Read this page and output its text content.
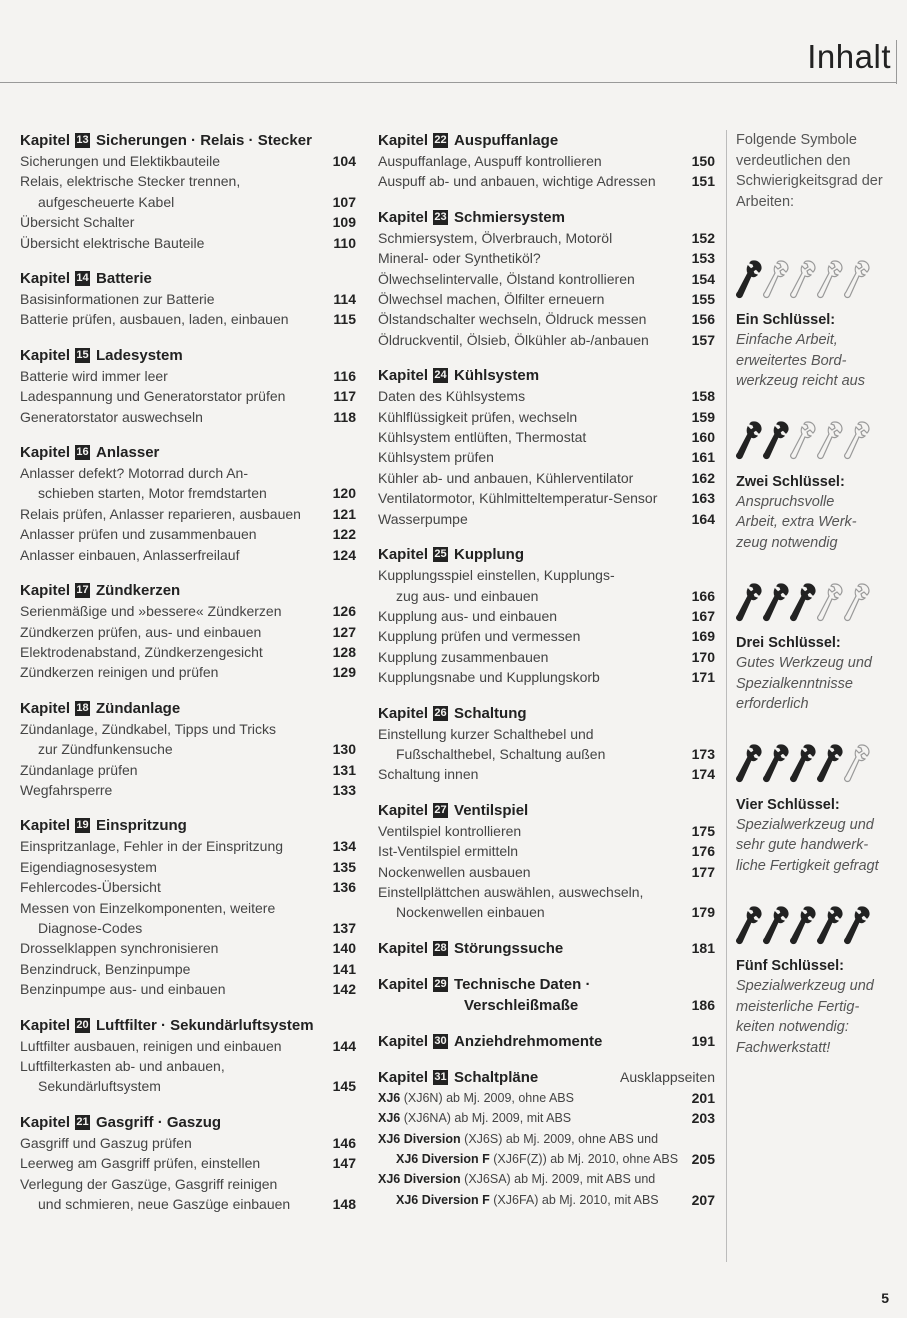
Inhalt
Kapitel 13 Sicherungen · Relais · Stecker
Sicherungen und Elektikbauteile	104
Relais, elektrische Stecker trennen,
aufgescheuerte Kabel	107
Übersicht Schalter	109
Übersicht elektrische Bauteile	110
Kapitel 14 Batterie
Basisinformationen zur Batterie	114
Batterie prüfen, ausbauen, laden, einbauen	115
Kapitel 15 Ladesystem
Batterie wird immer leer	116
Ladespannung und Generatorstator prüfen	117
Generatorstator auswechseln	118
Kapitel 16 Anlasser
Anlasser defekt? Motorrad durch An-
schieben starten, Motor fremdstarten	120
Relais prüfen, Anlasser reparieren, ausbauen	121
Anlasser prüfen und zusammenbauen	122
Anlasser einbauen, Anlasserfreilauf	124
Kapitel 17 Zündkerzen
Serienmäßige und »bessere« Zündkerzen	126
Zündkerzen prüfen, aus- und einbauen	127
Elektrodenabstand, Zündkerzengesicht	128
Zündkerzen reinigen und prüfen	129
Kapitel 18 Zündanlage
Zündanlage, Zündkabel, Tipps und Tricks
zur Zündfunkensuche	130
Zündanlage prüfen	131
Wegfahrsperre	133
Kapitel 19 Einspritzung
Einspritzanlage, Fehler in der Einspritzung	134
Eigendiagnosesystem	135
Fehlercodes-Übersicht	136
Messen von Einzelkomponenten, weitere
Diagnose-Codes	137
Drosselklappen synchronisieren	140
Benzindruck, Benzinpumpe	141
Benzinpumpe aus- und einbauen	142
Kapitel 20 Luftfilter · Sekundärluftsystem
Luftfilter ausbauen, reinigen und einbauen	144
Luftfilterkasten ab- und anbauen,
Sekundärluftsystem	145
Kapitel 21 Gasgriff · Gaszug
Gasgriff und Gaszug prüfen	146
Leerweg am Gasgriff prüfen, einstellen	147
Verlegung der Gaszüge, Gasgriff reinigen
und schmieren, neue Gaszüge einbauen	148
Kapitel 22 Auspuffanlage
Auspuffanlage, Auspuff kontrollieren	150
Auspuff ab- und anbauen, wichtige Adressen	151
Kapitel 23 Schmiersystem
Schmiersystem, Ölverbrauch, Motoröl	152
Mineral- oder Synthetiköl?	153
Ölwechselintervalle, Ölstand kontrollieren	154
Ölwechsel machen, Ölfilter erneuern	155
Ölstandschalter wechseln, Öldruck messen	156
Öldruckventil, Ölsieb, Ölkühler ab-/anbauen	157
Kapitel 24 Kühlsystem
Daten des Kühlsystems	158
Kühlflüssigkeit prüfen, wechseln	159
Kühlsystem entlüften, Thermostat	160
Kühlsystem prüfen	161
Kühler ab- und anbauen, Kühlerventilator	162
Ventilatormotor, Kühlmitteltemperatur-Sensor	163
Wasserpumpe	164
Kapitel 25 Kupplung
Kupplungsspiel einstellen, Kupplungs-
zug aus- und einbauen	166
Kupplung aus- und einbauen	167
Kupplung prüfen und vermessen	169
Kupplung zusammenbauen	170
Kupplungsnabe und Kupplungskorb	171
Kapitel 26 Schaltung
Einstellung kurzer Schalthebel und
Fußschalthebel, Schaltung außen	173
Schaltung innen	174
Kapitel 27 Ventilspiel
Ventilspiel kontrollieren	175
Ist-Ventilspiel ermitteln	176
Nockenwellen ausbauen	177
Einstellplättchen auswählen, auswechseln,
Nockenwellen einbauen	179
Kapitel 28 Störungssuche	181
Kapitel 29 Technische Daten ·
Verschleißmaße	186
Kapitel 30 Anziehdrehmomente	191
Kapitel 31 Schaltpläne	Ausklappseiten
XJ6 (XJ6N) ab Mj. 2009, ohne ABS	201
XJ6 (XJ6NA) ab Mj. 2009, mit ABS	203
XJ6 Diversion (XJ6S) ab Mj. 2009, ohne ABS und
XJ6 Diversion F (XJ6F(Z)) ab Mj. 2010, ohne ABS 205
XJ6 Diversion (XJ6SA) ab Mj. 2009, mit ABS und
XJ6 Diversion F (XJ6FA) ab Mj. 2010, mit ABS	207
Folgende Symbole verdeutlichen den Schwierigkeitsgrad der Arbeiten:
Ein Schlüssel:
Einfache Arbeit, erweitertes Bord-
werkzeug reicht aus
Zwei Schlüssel:
Anspruchsvolle
Arbeit, extra Werk-
zeug notwendig
Drei Schlüssel:
Gutes Werkzeug und
Spezialkenntnisse
erforderlich
Vier Schlüssel:
Spezialwerkzeug und
sehr gute handwerk-
liche Fertigkeit gefragt
Fünf Schlüssel:
Spezialwerkzeug und
meisterliche Fertig-
keiten notwendig:
Fachwerkstatt!
5
